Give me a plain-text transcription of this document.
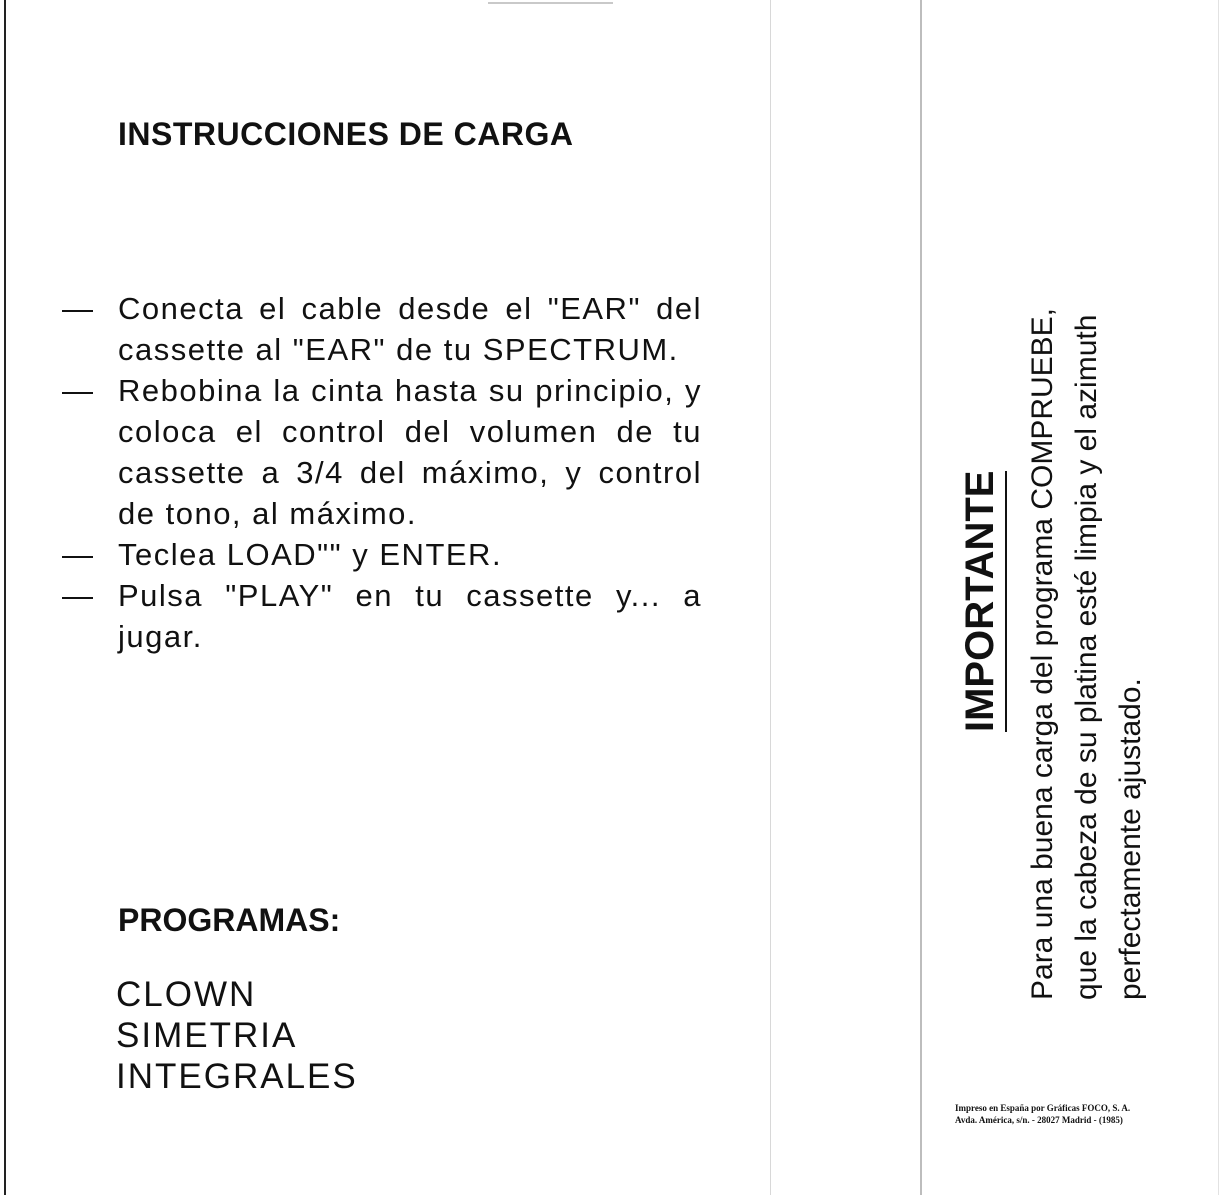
INSTRUCCIONES DE CARGA
— Conecta el cable desde el "EAR" del cassette al "EAR" de tu SPECTRUM.
— Rebobina la cinta hasta su principio, y coloca el control del volumen de tu cassette a 3/4 del máximo, y control de tono, al máximo.
— Teclea LOAD"" y ENTER.
— Pulsa "PLAY" en tu cassette y... a jugar.
PROGRAMAS:
CLOWN
SIMETRIA
INTEGRALES
IMPORTANTE Para una buena carga del programa COMPRUEBE, que la cabeza de su platina esté limpia y el azimuth perfectamente ajustado.
Impreso en España por Gráficas FOCO, S. A.
Avda. América, s/n. - 28027 Madrid - (1985)
